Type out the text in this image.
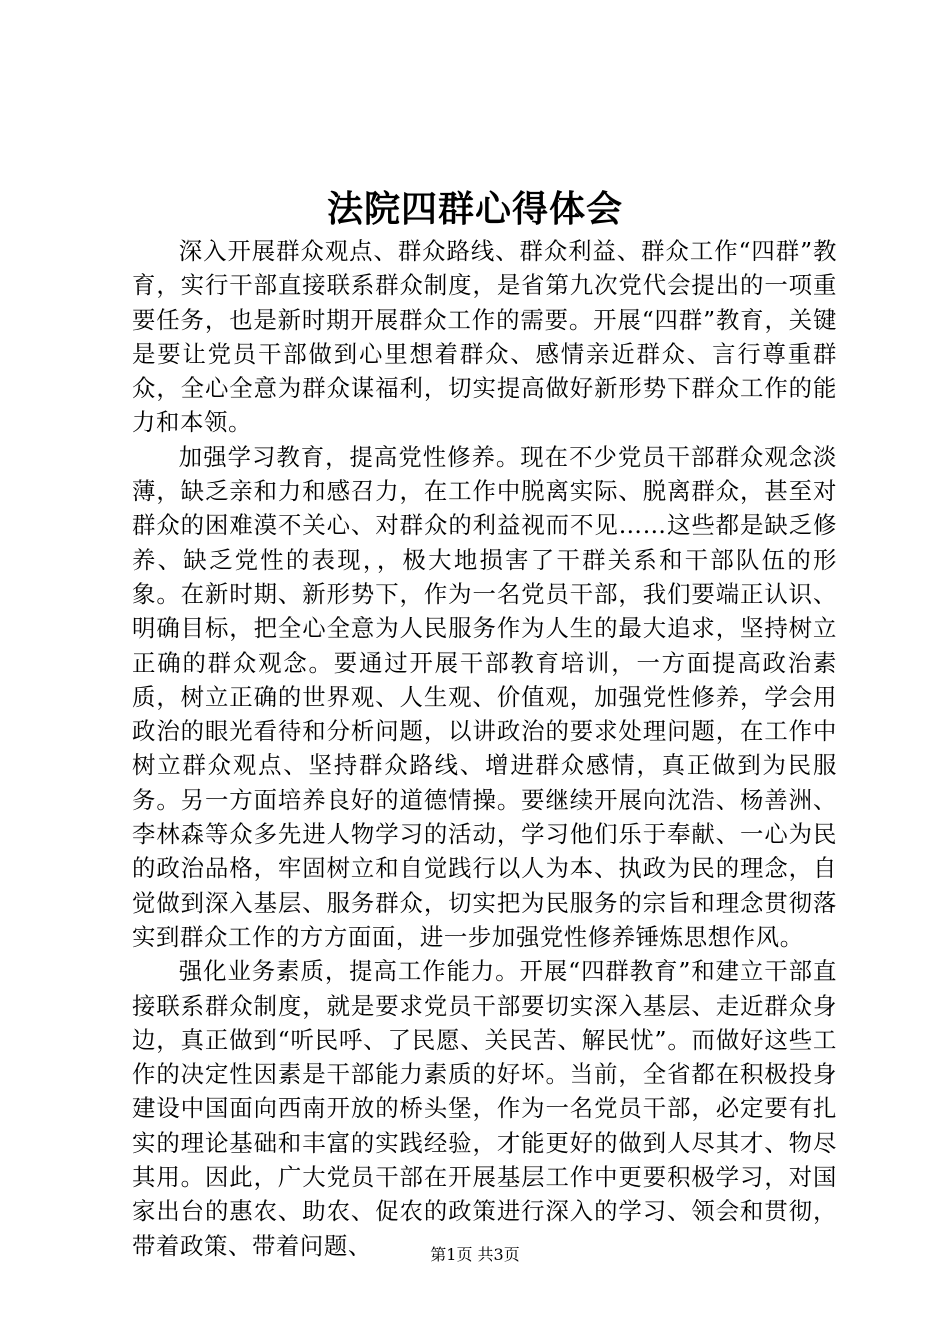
法院四群心得体会

深入开展群众观点、群众路线、群众利益、群众工作“四群”教育，实行干部直接联系群众制度，是省第九次党代会提出的一项重要任务，也是新时期开展群众工作的需要。开展“四群”教育，关键是要让党员干部做到心里想着群众、感情亲近群众、言行尊重群众，全心全意为群众谋福利，切实提高做好新形势下群众工作的能力和本领。

加强学习教育，提高党性修养。现在不少党员干部群众观念淡薄，缺乏亲和力和感召力，在工作中脱离实际、脱离群众，甚至对群众的困难漠不关心、对群众的利益视而不见……这些都是缺乏修养、缺乏党性的表现，，极大地损害了干群关系和干部队伍的形象。在新时期、新形势下，作为一名党员干部，我们要端正认识、明确目标，把全心全意为人民服务作为人生的最大追求，坚持树立正确的群众观念。要通过开展干部教育培训，一方面提高政治素质，树立正确的世界观、人生观、价值观，加强党性修养，学会用政治的眼光看待和分析问题，以讲政治的要求处理问题，在工作中树立群众观点、坚持群众路线、增进群众感情，真正做到为民服务。另一方面培养良好的道德情操。要继续开展向沈浩、杨善洲、李林森等众多先进人物学习的活动，学习他们乐于奉献、一心为民的政治品格，牢固树立和自觉践行以人为本、执政为民的理念，自觉做到深入基层、服务群众，切实把为民服务的宗旨和理念贯彻落实到群众工作的方方面面，进一步加强党性修养锤炼思想作风。

强化业务素质，提高工作能力。开展“四群教育”和建立干部直接联系群众制度，就是要求党员干部要切实深入基层、走近群众身边，真正做到“听民呼、了民愿、关民苦、解民忧”。而做好这些工作的决定性因素是干部能力素质的好坏。当前，全省都在积极投身建设中国面向西南开放的桥头堡，作为一名党员干部，必定要有扎实的理论基础和丰富的实践经验，才能更好的做到人尽其才、物尽其用。因此，广大党员干部在开展基层工作中更要积极学习，对国家出台的惠农、助农、促农的政策进行深入的学习、领会和贯彻，带着政策、带着问题、	第1页 共3页
